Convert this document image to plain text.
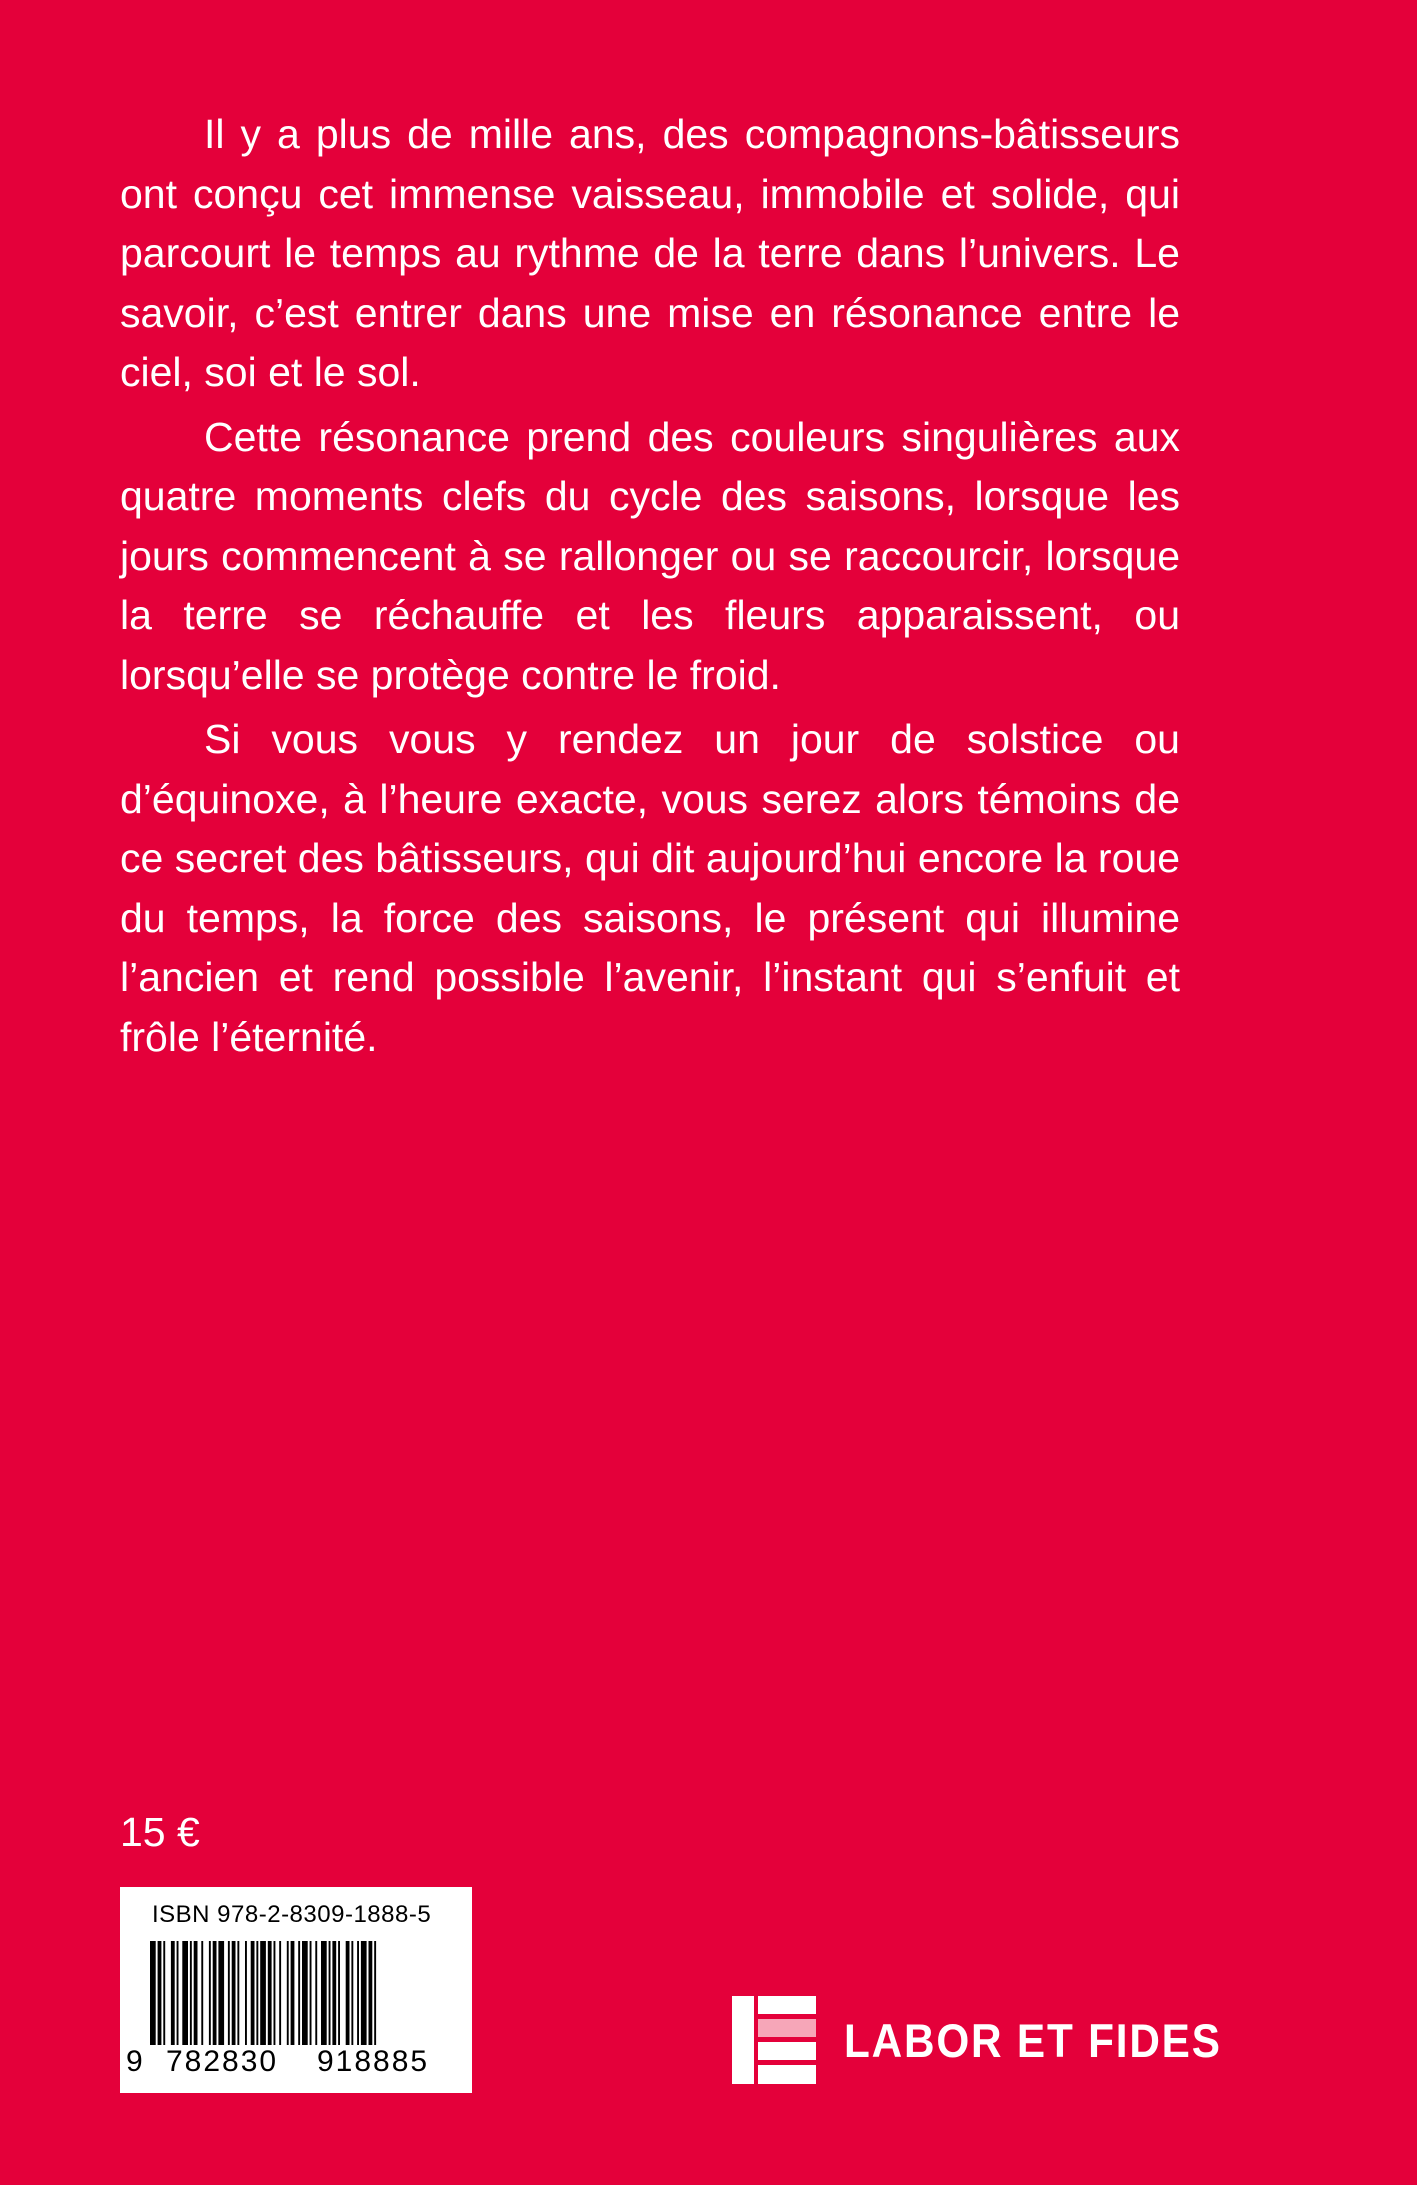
Il y a plus de mille ans, des compagnons-bâtisseurs ont conçu cet immense vaisseau, immobile et solide, qui parcourt le temps au rythme de la terre dans l’univers. Le savoir, c’est entrer dans une mise en résonance entre le ciel, soi et le sol.

Cette résonance prend des couleurs singulières aux quatre moments clefs du cycle des saisons, lorsque les jours commencent à se rallonger ou se raccourcir, lorsque la terre se réchauffe et les fleurs apparaissent, ou lorsqu’elle se protège contre le froid.

Si vous vous y rendez un jour de solstice ou d’équinoxe, à l’heure exacte, vous serez alors témoins de ce secret des bâtisseurs, qui dit aujourd’hui encore la roue du temps, la force des saisons, le présent qui illumine l’ancien et rend possible l’avenir, l’instant qui s’enfuit et frôle l’éternité.

15 €
ISBN 978-2-8309-1888-5
9 782830 918885	LABOR ET FIDES
